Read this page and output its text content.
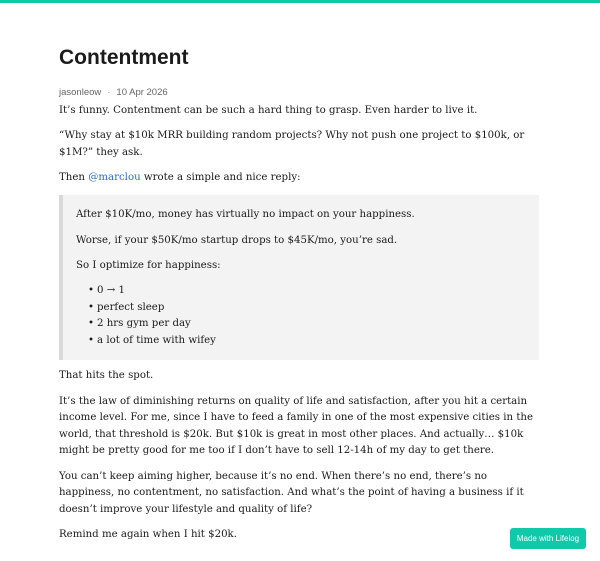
Contentment
jasonleow · 10 Apr 2026

It’s funny. Contentment can be such a hard thing to grasp. Even harder to live it.

“Why stay at $10k MRR building random projects? Why not push one project to $100k, or $1M?” they ask.

Then @marclou wrote a simple and nice reply:

After $10K/mo, money has virtually no impact on your happiness.

Worse, if your $50K/mo startup drops to $45K/mo, you’re sad.

So I optimize for happiness:

• 0 → 1
• perfect sleep
• 2 hrs gym per day
• a lot of time with wifey

That hits the spot.

It’s the law of diminishing returns on quality of life and satisfaction, after you hit a certain income level. For me, since I have to feed a family in one of the most expensive cities in the world, that threshold is $20k. But $10k is great in most other places. And actually… $10k might be pretty good for me too if I don’t have to sell 12-14h of my day to get there.

You can’t keep aiming higher, because it’s no end. When there’s no end, there’s no happiness, no contentment, no satisfaction. And what’s the point of having a business if it doesn’t improve your lifestyle and quality of life?

Remind me again when I hit $20k.	Made with Lifelog
